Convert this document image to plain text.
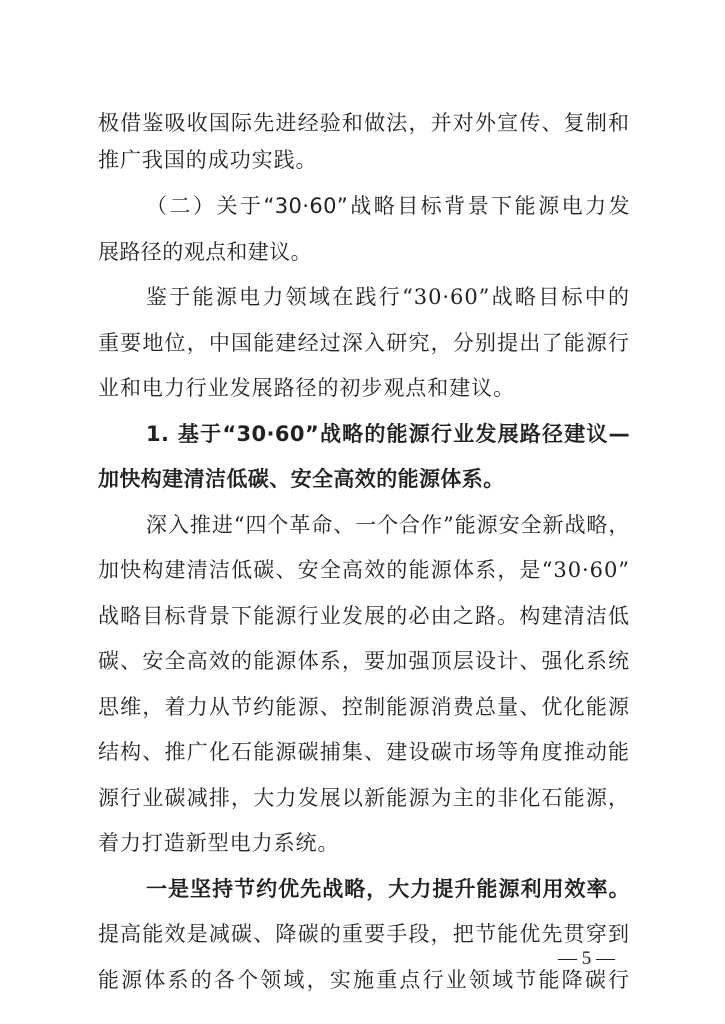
极借鉴吸收国际先进经验和做法，并对外宣传、复制和
推广我国的成功实践。
（二）关于“30·60”战略目标背景下能源电力发
展路径的观点和建议。
鉴于能源电力领域在践行“30·60”战略目标中的
重要地位，中国能建经过深入研究，分别提出了能源行
业和电力行业发展路径的初步观点和建议。
1. 基于“30·60”战略的能源行业发展路径建议—
加快构建清洁低碳、安全高效的能源体系。
深入推进“四个革命、一个合作”能源安全新战略，
加快构建清洁低碳、安全高效的能源体系，是“30·60”
战略目标背景下能源行业发展的必由之路。构建清洁低
碳、安全高效的能源体系，要加强顶层设计、强化系统
思维，着力从节约能源、控制能源消费总量、优化能源
结构、推广化石能源碳捕集、建设碳市场等角度推动能
源行业碳减排，大力发展以新能源为主的非化石能源，
着力打造新型电力系统。
一是坚持节约优先战略，大力提升能源利用效率。
提高能效是减碳、降碳的重要手段，把节能优先贯穿到
能源体系的各个领域，实施重点行业领域节能降碳行
— 5 —
